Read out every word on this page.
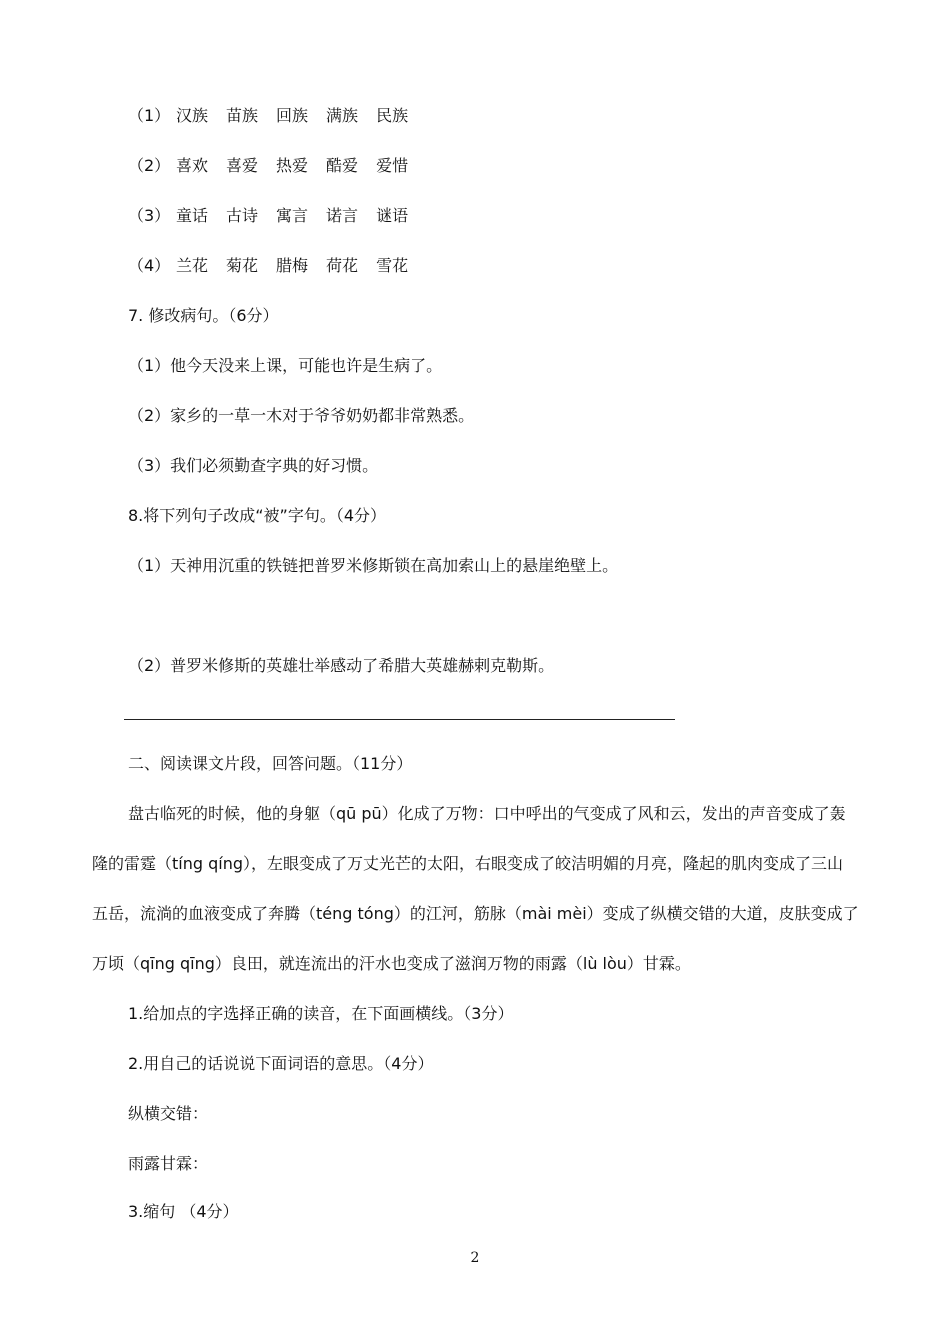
（1） 汉族 苗族 回族 满族 民族
（2） 喜欢 喜爱 热爱 酷爱 爱惜
（3） 童话 古诗 寓言 诺言 谜语
（4） 兰花 菊花 腊梅 荷花 雪花
7. 修改病句。（6分）
（1）他今天没来上课，可能也许是生病了。
（2）家乡的一草一木对于爷爷奶奶都非常熟悉。
（3）我们必须勤查字典的好习惯。
8.将下列句子改成“被”字句。（4分）
（1）天神用沉重的铁链把普罗米修斯锁在高加索山上的悬崖绝壁上。
（2）普罗米修斯的英雄壮举感动了希腊大英雄赫剌克勒斯。
二、阅读课文片段，回答问题。（11分）
盘古临死的时候，他的身躯（qū pū）化成了万物：口中呼出的气变成了风和云，发出的声音变成了轰
隆的雷霆（tíng qíng），左眼变成了万丈光芒的太阳，右眼变成了皎洁明媚的月亮，隆起的肌肉变成了三山
五岳，流淌的血液变成了奔腾（téng tóng）的江河，筋脉（mài mèi）变成了纵横交错的大道，皮肤变成了
万顷（qīng qīng）良田，就连流出的汗水也变成了滋润万物的雨露（lù lòu）甘霖。
1.给加点的字选择正确的读音，在下面画横线。（3分）
2.用自己的话说说下面词语的意思。（4分）
纵横交错：
雨露甘霖：
3.缩句 （4分）
2
